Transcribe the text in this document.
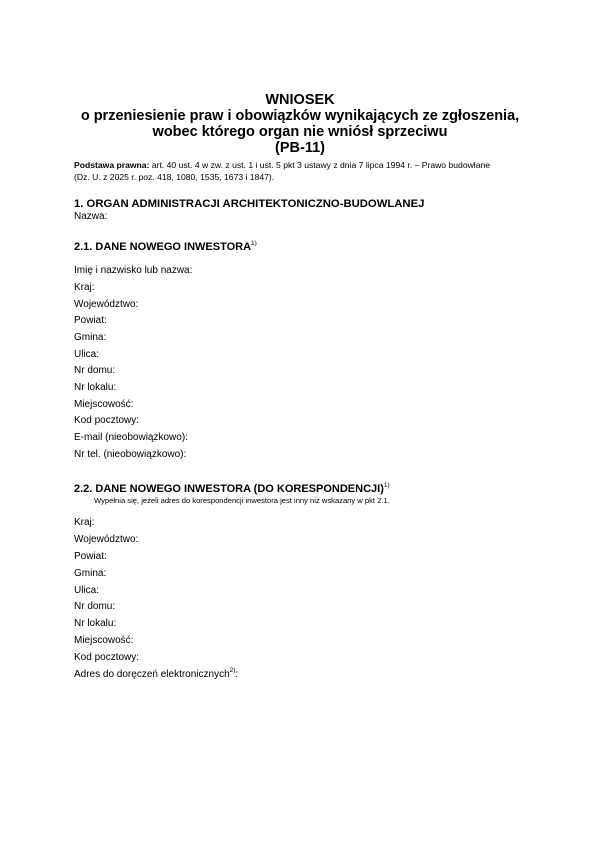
WNIOSEK
o przeniesienie praw i obowiązków wynikających ze zgłoszenia,
wobec którego organ nie wniósł sprzeciwu
(PB-11)
Podstawa prawna: art. 40 ust. 4 w zw. z ust. 1 i ust. 5 pkt 3 ustawy z dnia 7 lipca 1994 r. – Prawo budowlane
(Dz. U. z 2025 r. poz. 418, 1080, 1535, 1673 i 1847).
1. ORGAN ADMINISTRACJI ARCHITEKTONICZNO-BUDOWLANEJ
Nazwa:
2.1. DANE NOWEGO INWESTORA$^{1)}$
Imię i nazwisko lub nazwa:
Kraj:
Województwo:
Powiat:
Gmina:
Ulica:
Nr domu:
Nr lokalu:
Miejscowość:
Kod pocztowy:
E-mail (nieobowiązkowo):
Nr tel. (nieobowiązkowo):
2.2. DANE NOWEGO INWESTORA (DO KORESPONDENCJI)$^{1)}$
Wypełnia się, jeżeli adres do korespondencji inwestora jest inny niż wskazany w pkt 2.1.
Kraj:
Województwo:
Powiat:
Gmina:
Ulica:
Nr domu:
Nr lokalu:
Miejscowość:
Kod pocztowy:
Adres do doręczeń elektronicznych$^{2)}$:
